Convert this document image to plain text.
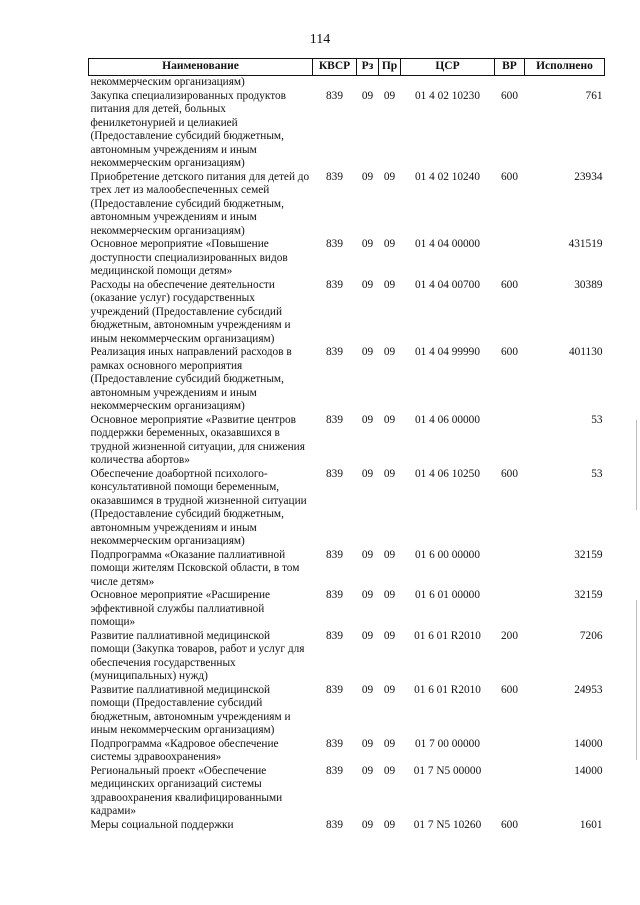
114
Наименование	КВСР	Рз	Пр	ЦСР	ВР	Исполнено
некоммерческим организациям)						
Закупка специализированных продуктов питания для детей, больных фенилкетонурией и целиакией (Предоставление субсидий бюджетным, автономным учреждениям и иным некоммерческим организациям)	839	09	09	01 4 02 10230	600	761
Приобретение детского питания для детей до трех лет из малообеспеченных семей (Предоставление субсидий бюджетным, автономным учреждениям и иным некоммерческим организациям)	839	09	09	01 4 02 10240	600	23934
Основное мероприятие «Повышение доступности специализированных видов медицинской помощи детям»	839	09	09	01 4 04 00000		431519
Расходы на обеспечение деятельности (оказание услуг) государственных учреждений (Предоставление субсидий бюджетным, автономным учреждениям и иным некоммерческим организациям)	839	09	09	01 4 04 00700	600	30389
Реализация иных направлений расходов в рамках основного мероприятия (Предоставление субсидий бюджетным, автономным учреждениям и иным некоммерческим организациям)	839	09	09	01 4 04 99990	600	401130
Основное мероприятие «Развитие центров поддержки беременных, оказавшихся в трудной жизненной ситуации, для снижения количества абортов»	839	09	09	01 4 06 00000		53
Обеспечение доабортной психолого-консультативной помощи беременным, оказавшимся в трудной жизненной ситуации (Предоставление субсидий бюджетным, автономным учреждениям и иным некоммерческим организациям)	839	09	09	01 4 06 10250	600	53
Подпрограмма «Оказание паллиативной помощи жителям Псковской области, в том числе детям»	839	09	09	01 6 00 00000		32159
Основное мероприятие «Расширение эффективной службы паллиативной помощи»	839	09	09	01 6 01 00000		32159
Развитие паллиативной медицинской помощи (Закупка товаров, работ и услуг для обеспечения государственных (муниципальных) нужд)	839	09	09	01 6 01 R2010	200	7206
Развитие паллиативной медицинской помощи (Предоставление субсидий бюджетным, автономным учреждениям и иным некоммерческим организациям)	839	09	09	01 6 01 R2010	600	24953
Подпрограмма «Кадровое обеспечение системы здравоохранения»	839	09	09	01 7 00 00000		14000
Региональный проект «Обеспечение медицинских организаций системы здравоохранения квалифицированными кадрами»	839	09	09	01 7 N5 00000		14000
Меры социальной поддержки	839	09	09	01 7 N5 10260	600	1601
